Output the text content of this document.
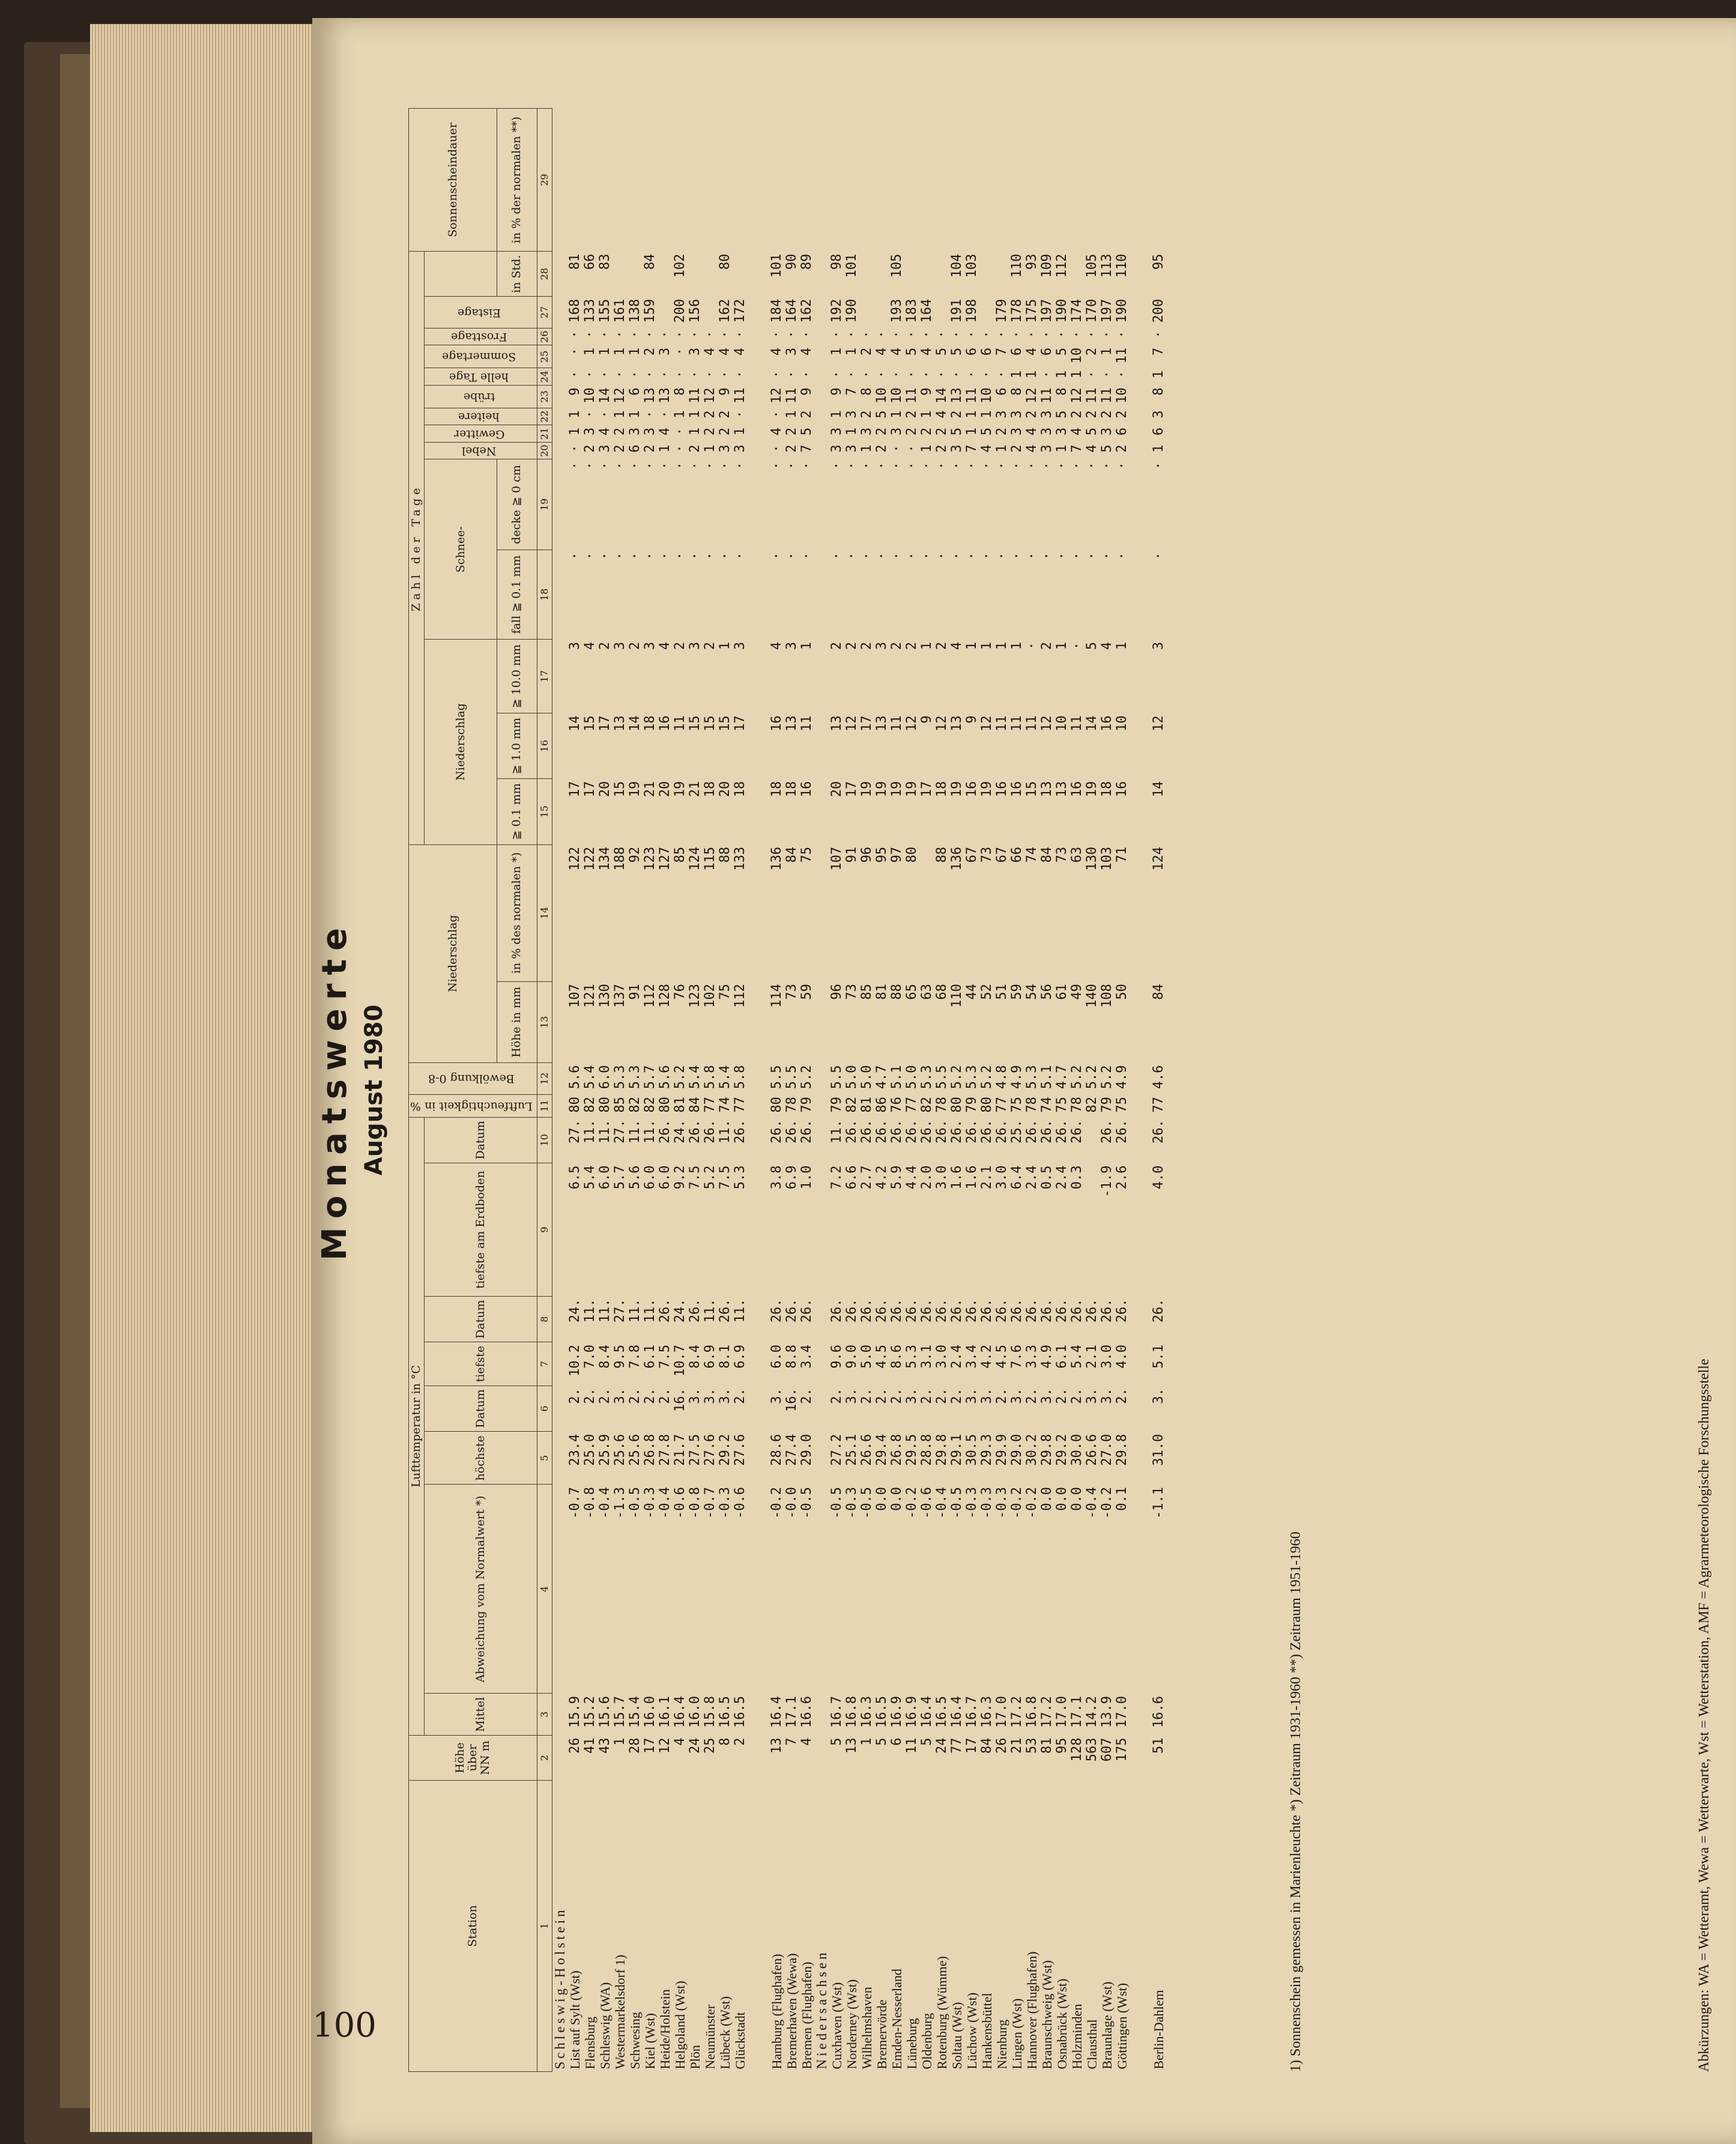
100
Monatswerte August 1980
Station	Höhe über NN m	Lufttemperatur in °C								Luftfeuchtigkeit in %	Bewölkung 0-8	Niederschlag		Zahl der Tage														Sonnenscheindauer
		Mittel	Abweichung vom Normalwert *)	höchste	Datum	tiefste	Datum	tiefste am Erdboden	Datum					Niederschlag			Schnee-		Nebel	Gewitter	heitere	trübe	helle Tage	Sommertage	Frosttage	Eistage		
												Höhe in mm	in % des normalen *)	≧ 0.1 mm	≧ 1.0 mm	≧ 10.0 mm	fall ≧ 0.1 mm	decke ≧ 0 cm									in Std.	in % der normalen **)
1	2	3	4	5	6	7	8	9	10	11	12	13	14	15	16	17	18	19	20	21	22	23	24	25	26	27	28	29
Schleswig-Holstein																												
List auf Sylt (Wst)	26	15.9	-0.7	23.4	2.	10.2	24.	6.5	27.	80	5.6	107	122	17	14	3	·	·	·	1	1	9	·	·	·	168	81	
Flensburg	41	15.2	-0.8	25.0	2.	7.0	11.	5.4	11.	82	5.4	121	122	17	15	4	·	·	2	3	·	10	·	1	·	133	66	
Schleswig (WA)	43	15.6	-0.4	25.9	2.	8.4	11.	6.0	11.	80	6.0	130	134	20	17	2	·	·	3	4	·	14	·	1	·	155	83	
Westermarkelsdorf 1)	1	15.7	-1.3	25.6	3.	9.5	27.	5.7	27.	85	5.3	137	188	15	13	3	·	·	2	2	1	12	·	1	·	161		
Schwesing	28	15.4	-0.5	25.6	2.	7.8	11.	5.6	11.	82	5.3	91	92	19	14	2	·	·	6	3	1	6	·	1	·	138		
Kiel (Wst)	17	16.0	-0.3	26.8	2.	6.1	11.	6.0	11.	82	5.7	112	123	21	18	3	·	·	2	3	·	13	·	2	·	159	84	
Heide/Holstein	12	16.1	-0.4	27.8	2.	7.5	26.	6.0	26.	80	5.6	128	127	20	16	4	·	·	1	4	·	13	·	3	·			
Helgoland (Wst)	4	16.4	-0.6	21.7	16.	10.7	24.	9.2	24.	81	5.2	76	85	19	11	2	·	·	·	·	1	8	·	·	·	200	102	
Plön	24	16.0	-0.8	27.5	3.	8.4	26.	7.5	26.	84	5.4	123	124	21	15	3	·	·	2	1	1	11	·	3	·	156		
Neumünster	25	15.8	-0.7	27.6	3.	6.9	11.	5.2	26.	77	5.8	102	115	18	15	2	·	·	1	2	2	12	·	4	·			
Lübeck (Wst)	8	16.5	-0.3	29.2	3.	8.1	26.	7.5	11.	74	5.4	75	88	20	15	1	·	·	3	2	2	9	·	4	·	162	80	
Glückstadt	2	16.5	-0.6	27.6	2.	6.9	11.	5.3	26.	77	5.8	112	133	18	17	3	·	·	3	1	·	11	·	4	·	172		

Hamburg (Flughafen)	13	16.4	-0.2	28.6	3.	6.0	26.	3.8	26.	80	5.5	114	136	18	16	4	·	·	·	4	·	12	·	4	·	184	101	
Bremerhaven (Wewa)	7	17.1	-0.0	27.4	16.	8.8	26.	6.9	26.	78	5.5	73	84	18	13	3	·	·	2	2	1	11	·	3	·	164	90	
Bremen (Flughafen)	4	16.6	-0.5	29.0	2.	3.4	26.	1.0	26.	79	5.2	59	75	16	11	1	·	·	7	5	2	9	·	4	·	162	89	
Niedersachsen																												
Cuxhaven (Wst)	5	16.7	-0.5	27.2	2.	9.6	26.	7.2	11.	79	5.5	96	107	20	13	2	·	·	3	3	1	9	·	1	·	192	98	
Norderney (Wst)	13	16.8	-0.3	25.1	3.	9.0	26.	6.6	26.	82	5.0	73	91	17	12	2	·	·	3	1	3	7	·	1	·	190	101	
Wilhelmshaven	1	16.3	-0.5	26.6	2.	5.0	26.	2.7	26.	81	5.0	85	96	19	17	2	·	·	1	3	2	8	·	2	·			
Bremervörde	5	16.5	0.0	29.4	2.	4.5	26.	4.2	26.	86	4.7	81	95	19	13	3	·	·	2	2	5	10	·	4	·			
Emden-Nesserland	6	16.9	0.0	26.8	2.	8.6	26.	5.9	26.	76	5.1	88	97	19	11	2	·	·	·	3	1	10	·	4	·	193	105	
Lüneburg	11	16.9	-0.2	29.5	3.	5.3	26.	4.4	26.	77	5.0	65	80	19	12	2	·	·	·	2	2	11	·	5	·	183		
Oldenburg	5	16.4	-0.6	28.8	2.	3.1	26.	2.0	26.	82	5.3	63		17	9	1	·	·	1	2	1	9	·	4	·	164		
Rotenburg (Wümme)	24	16.5	-0.4	29.8	2.	3.0	26.	3.0	26.	78	5.5	68	88	18	12	2	·	·	2	2	4	14	·	5	·			
Soltau (Wst)	77	16.4	-0.5	29.1	2.	2.4	26.	1.6	26.	80	5.2	110	136	19	13	4	·	·	3	5	2	13	·	5	·	191	104	
Lüchow (Wst)	17	16.7	-0.3	30.5	3.	3.4	26.	1.6	26.	79	5.3	44	67	16	9	1	·	·	7	1	1	11	·	6	·	198	103	
Hankensbüttel	84	16.3	-0.3	29.3	3.	4.2	26.	2.1	26.	80	5.2	52	73	19	12	1	·	·	4	5	1	10	·	6	·			
Nienburg	26	17.0	-0.3	29.9	2.	4.5	26.	3.0	26.	77	4.8	51	67	16	11	1	·	·	1	2	3	6	·	7	·	179		
Lingen (Wst)	21	17.2	-0.2	29.0	3.	7.6	26.	6.4	25.	75	4.9	59	66	16	11	1	·	·	2	3	3	8	1	6	·	178	110	
Hannover (Flughafen)	53	16.8	-0.2	30.2	2.	3.3	26.	2.4	26.	78	5.3	54	74	15	11	·	·	·	4	4	2	12	1	4	·	175	93	
Braunschweig (Wst)	81	17.2	0.0	29.8	3.	4.9	26.	0.5	26.	74	5.1	56	84	13	12	2	·	·	3	3	3	11	·	6	·	197	109	
Osnabrück (Wst)	95	17.0	0.0	29.2	2.	6.1	26.	2.4	26.	75	4.7	61	73	13	10	1	·	·	1	3	5	8	1	5	·	190	112	
Holzminden	128	17.1	0.0	30.0	2.	5.4	26.	0.3	26.	78	5.2	49	63	16	11	·	·	·	7	4	2	12	1	10	·	174		
Clausthal	563	14.2	-0.4	26.6	3.	2.1	26.			82	5.2	140	130	19	14	5	·	·	4	5	2	11	·	2	·	170	105	
Braunlage (Wst)	607	13.9	-0.2	27.0	3.	3.0	26.	-1.9	26.	79	5.2	108	103	18	16	4	·	·	5	3	2	11	·	1	·	197	113	
Göttingen (Wst)	175	17.0	0.1	29.8	2.	4.0	26.	2.6	26.	75	4.9	50	71	16	10	1	·	·	2	6	2	10	·	11	·	190	110	

Berlin-Dahlem	51	16.6	-1.1	31.0	3.	5.1	26.	4.0	26.	77	4.6	84	124	14	12	3	·	·	1	6	3	8	1	7	·	200	95	
1) Sonnenschein gemessen in Marienleuchte *) Zeitraum 1931-1960 **) Zeitraum 1951-1960	Abkürzungen: WA = Wetteramt, Wewa = Wetterwarte, Wst = Wetterstation, AMF = Agrarmeteorologische Forschungsstelle
